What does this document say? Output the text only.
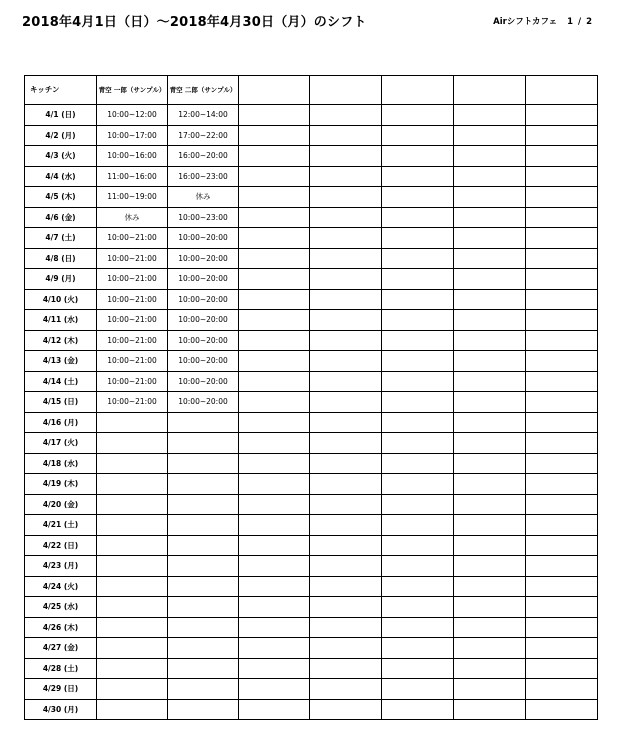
2018年4月1日（日）～2018年4月30日（月）のシフト	Airシフトカフェ 1 / 2
キッチン	青空 一郎（サンプル）	青空 二郎（サンプル）					
4/1 (日)	10:00~12:00	12:00~14:00					
4/2 (月)	10:00~17:00	17:00~22:00					
4/3 (火)	10:00~16:00	16:00~20:00					
4/4 (水)	11:00~16:00	16:00~23:00					
4/5 (木)	11:00~19:00	休み					
4/6 (金)	休み	10:00~23:00					
4/7 (土)	10:00~21:00	10:00~20:00					
4/8 (日)	10:00~21:00	10:00~20:00					
4/9 (月)	10:00~21:00	10:00~20:00					
4/10 (火)	10:00~21:00	10:00~20:00					
4/11 (水)	10:00~21:00	10:00~20:00					
4/12 (木)	10:00~21:00	10:00~20:00					
4/13 (金)	10:00~21:00	10:00~20:00					
4/14 (土)	10:00~21:00	10:00~20:00					
4/15 (日)	10:00~21:00	10:00~20:00					
4/16 (月)							
4/17 (火)							
4/18 (水)							
4/19 (木)							
4/20 (金)							
4/21 (土)							
4/22 (日)							
4/23 (月)							
4/24 (火)							
4/25 (水)							
4/26 (木)							
4/27 (金)							
4/28 (土)							
4/29 (日)							
4/30 (月)							
